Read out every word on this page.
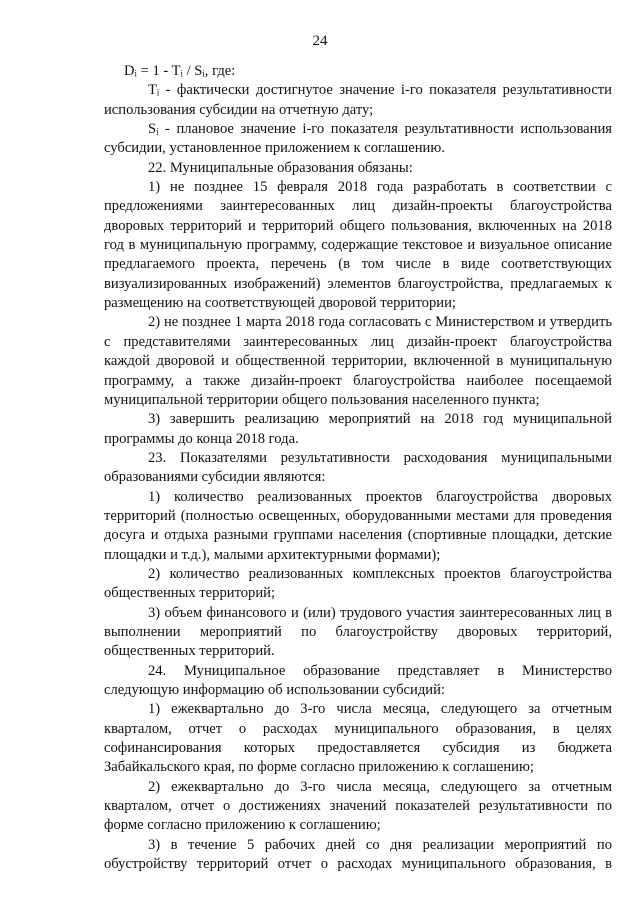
24

Dᵢ = 1 - Tᵢ / Sᵢ, где:

Tᵢ - фактически достигнутое значение i-го показателя результативности использования субсидии на отчетную дату;

Sᵢ - плановое значение i-го показателя результативности использования субсидии, установленное приложением к соглашению.

22. Муниципальные образования обязаны:

1) не позднее 15 февраля 2018 года разработать в соответствии с предложениями заинтересованных лиц дизайн-проекты благоустройства дворовых территорий и территорий общего пользования, включенных на 2018 год в муниципальную программу, содержащие текстовое и визуальное описание предлагаемого проекта, перечень (в том числе в виде соответствующих визуализированных изображений) элементов благоустройства, предлагаемых к размещению на соответствующей дворовой территории;

2) не позднее 1 марта 2018 года согласовать с Министерством и утвердить с представителями заинтересованных лиц дизайн-проект благоустройства каждой дворовой и общественной территории, включенной в муниципальную программу, а также дизайн-проект благоустройства наиболее посещаемой муниципальной территории общего пользования населенного пункта;

3) завершить реализацию мероприятий на 2018 год муниципальной программы до конца 2018 года.

23. Показателями результативности расходования муниципальными образованиями субсидии являются:

1) количество реализованных проектов благоустройства дворовых территорий (полностью освещенных, оборудованными местами для проведения досуга и отдыха разными группами населения (спортивные площадки, детские площадки и т.д.), малыми архитектурными формами);

2) количество реализованных комплексных проектов благоустройства общественных территорий;

3) объем финансового и (или) трудового участия заинтересованных лиц в выполнении мероприятий по благоустройству дворовых территорий, общественных территорий.

24. Муниципальное образование представляет в Министерство следующую информацию об использовании субсидий:

1) ежеквартально до 3-го числа месяца, следующего за отчетным кварталом, отчет о расходах муниципального образования, в целях софинансирования которых предоставляется субсидия из бюджета Забайкальского края, по форме согласно приложению к соглашению;

2) ежеквартально до 3-го числа месяца, следующего за отчетным кварталом, отчет о достижениях значений показателей результативности по форме согласно приложению к соглашению;

3) в течение 5 рабочих дней со дня реализации мероприятий по обустройству территорий отчет о расходах муниципального образования, в
